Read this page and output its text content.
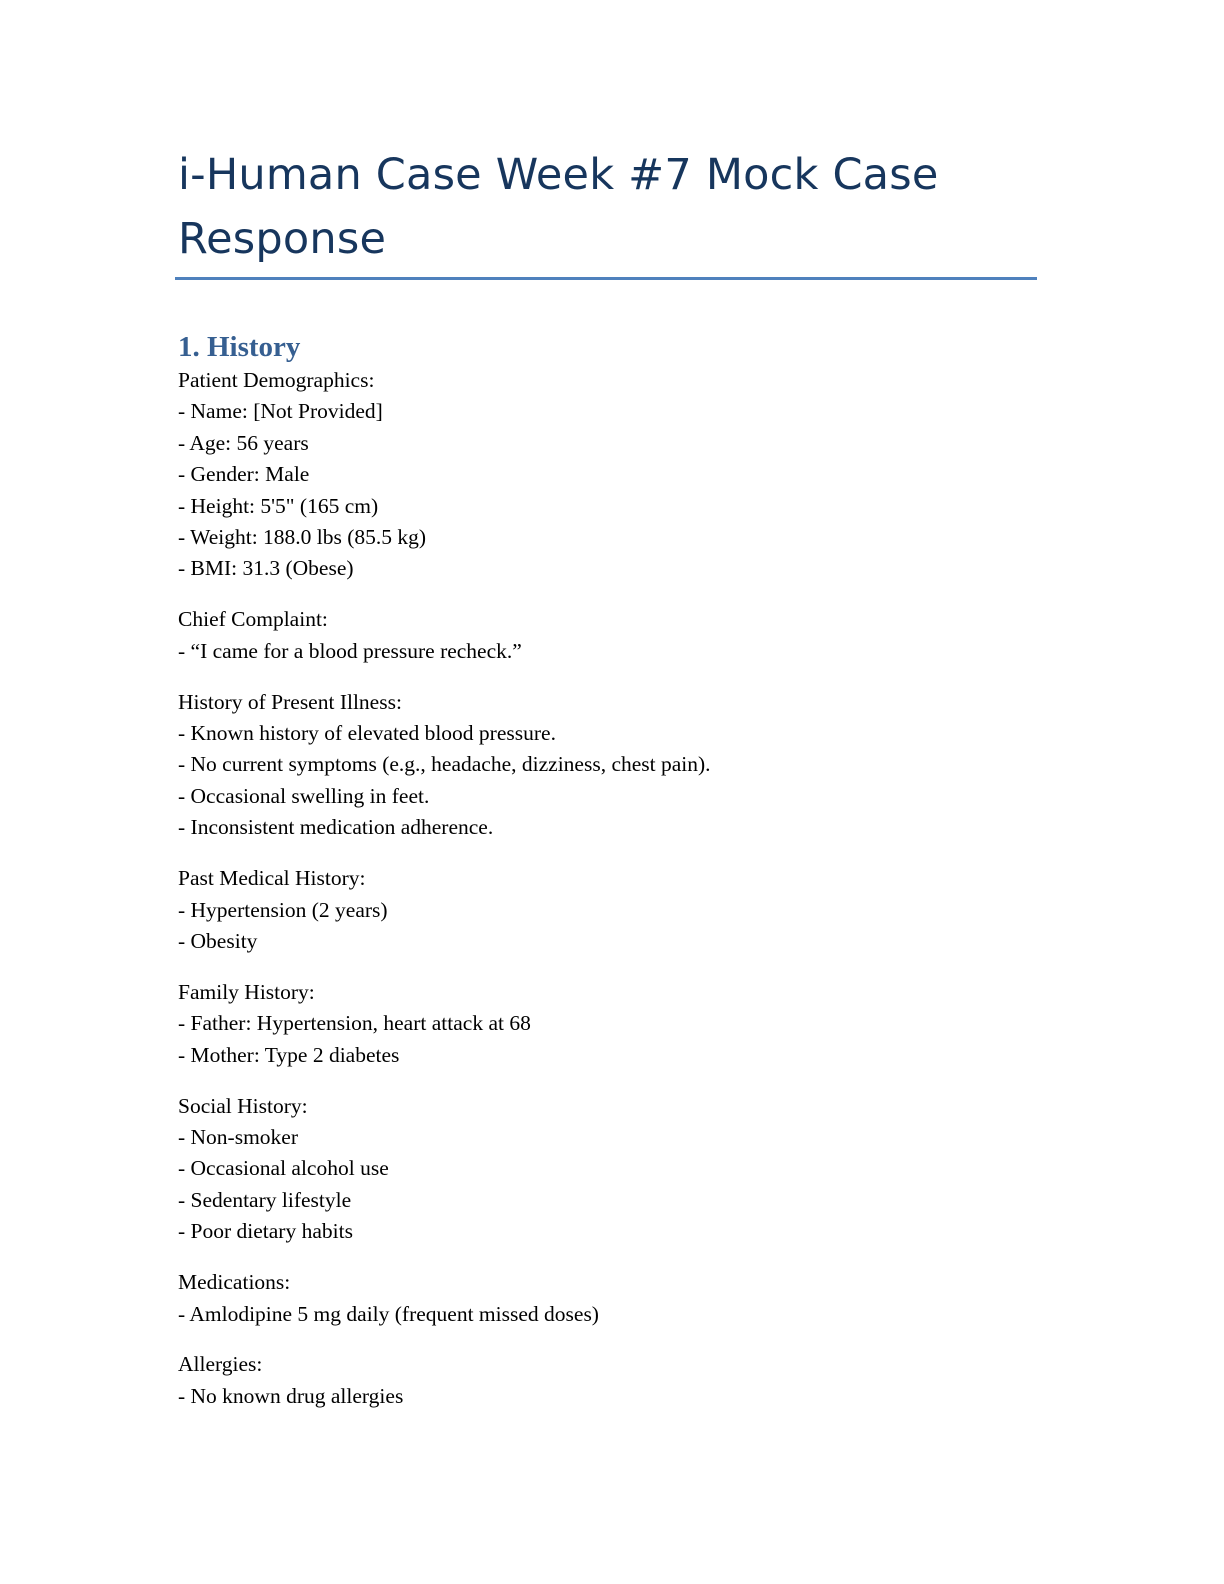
i-Human Case Week #7 Mock Case
Response
1. History
Patient Demographics:
- Name: [Not Provided]
- Age: 56 years
- Gender: Male
- Height: 5'5" (165 cm)
- Weight: 188.0 lbs (85.5 kg)
- BMI: 31.3 (Obese)
Chief Complaint:
- “I came for a blood pressure recheck.”
History of Present Illness:
- Known history of elevated blood pressure.
- No current symptoms (e.g., headache, dizziness, chest pain).
- Occasional swelling in feet.
- Inconsistent medication adherence.
Past Medical History:
- Hypertension (2 years)
- Obesity
Family History:
- Father: Hypertension, heart attack at 68
- Mother: Type 2 diabetes
Social History:
- Non-smoker
- Occasional alcohol use
- Sedentary lifestyle
- Poor dietary habits
Medications:
- Amlodipine 5 mg daily (frequent missed doses)
Allergies:
- No known drug allergies
